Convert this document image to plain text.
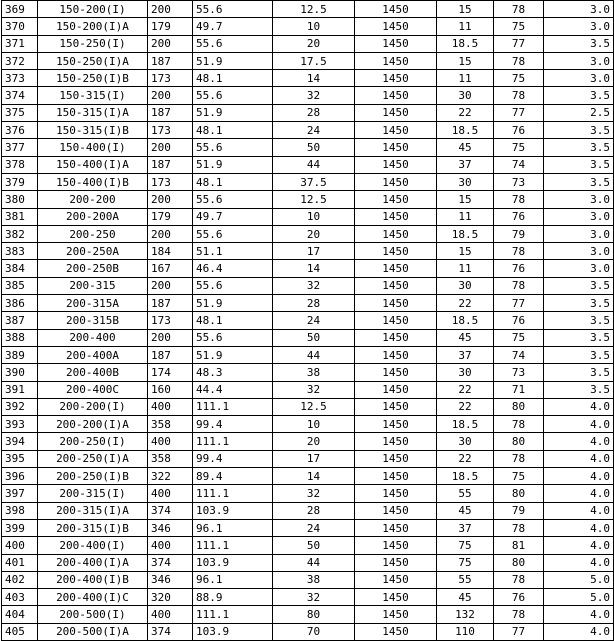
369	150-200(I)	200	55.6	12.5	1450	15	78	3.0
370	150-200(I)A	179	49.7	10	1450	11	75	3.0
371	150-250(I)	200	55.6	20	1450	18.5	77	3.5
372	150-250(I)A	187	51.9	17.5	1450	15	78	3.0
373	150-250(I)B	173	48.1	14	1450	11	75	3.0
374	150-315(I)	200	55.6	32	1450	30	78	3.5
375	150-315(I)A	187	51.9	28	1450	22	77	2.5
376	150-315(I)B	173	48.1	24	1450	18.5	76	3.5
377	150-400(I)	200	55.6	50	1450	45	75	3.5
378	150-400(I)A	187	51.9	44	1450	37	74	3.5
379	150-400(I)B	173	48.1	37.5	1450	30	73	3.5
380	200-200	200	55.6	12.5	1450	15	78	3.0
381	200-200A	179	49.7	10	1450	11	76	3.0
382	200-250	200	55.6	20	1450	18.5	79	3.0
383	200-250A	184	51.1	17	1450	15	78	3.0
384	200-250B	167	46.4	14	1450	11	76	3.0
385	200-315	200	55.6	32	1450	30	78	3.5
386	200-315A	187	51.9	28	1450	22	77	3.5
387	200-315B	173	48.1	24	1450	18.5	76	3.5
388	200-400	200	55.6	50	1450	45	75	3.5
389	200-400A	187	51.9	44	1450	37	74	3.5
390	200-400B	174	48.3	38	1450	30	73	3.5
391	200-400C	160	44.4	32	1450	22	71	3.5
392	200-200(I)	400	111.1	12.5	1450	22	80	4.0
393	200-200(I)A	358	99.4	10	1450	18.5	78	4.0
394	200-250(I)	400	111.1	20	1450	30	80	4.0
395	200-250(I)A	358	99.4	17	1450	22	78	4.0
396	200-250(I)B	322	89.4	14	1450	18.5	75	4.0
397	200-315(I)	400	111.1	32	1450	55	80	4.0
398	200-315(I)A	374	103.9	28	1450	45	79	4.0
399	200-315(I)B	346	96.1	24	1450	37	78	4.0
400	200-400(I)	400	111.1	50	1450	75	81	4.0
401	200-400(I)A	374	103.9	44	1450	75	80	4.0
402	200-400(I)B	346	96.1	38	1450	55	78	5.0
403	200-400(I)C	320	88.9	32	1450	45	76	5.0
404	200-500(I)	400	111.1	80	1450	132	78	4.0
405	200-500(I)A	374	103.9	70	1450	110	77	4.0
